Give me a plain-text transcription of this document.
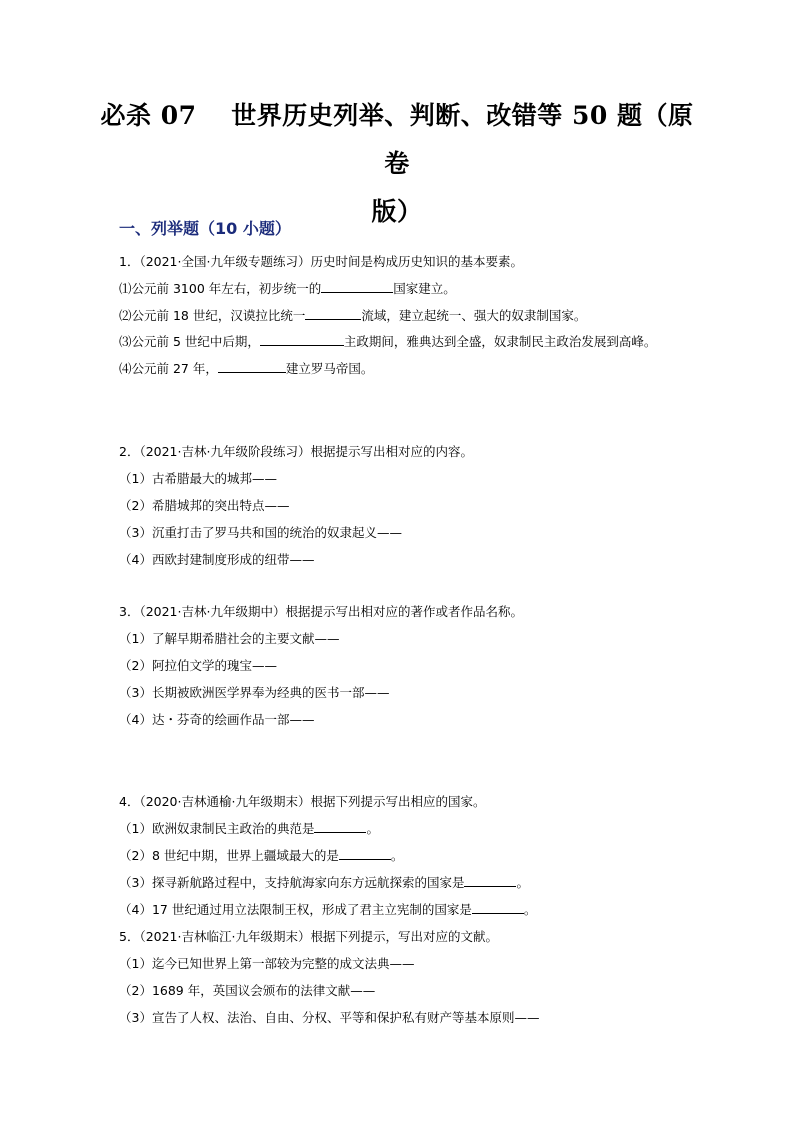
必杀 07　 世界历史列举、判断、改错等 50 题（原卷
版）
一、列举题（10 小题）
1．（2021·全国·九年级专题练习）历史时间是构成历史知识的基本要素。
⑴公元前 3100 年左右，初步统一的	国家建立。
⑵公元前 18 世纪，汉谟拉比统一	流域，建立起统一、强大的奴隶制国家。
⑶公元前 5 世纪中后期，	主政期间，雅典达到全盛，奴隶制民主政治发展到高峰。
⑷公元前 27 年，	建立罗马帝国。
2．（2021·吉林·九年级阶段练习）根据提示写出相对应的内容。
（1）古希腊最大的城邦——
（2）希腊城邦的突出特点——
（3）沉重打击了罗马共和国的统治的奴隶起义——
（4）西欧封建制度形成的纽带——
3．（2021·吉林·九年级期中）根据提示写出相对应的著作或者作品名称。
（1）了解早期希腊社会的主要文献——
（2）阿拉伯文学的瑰宝——
（3）长期被欧洲医学界奉为经典的医书一部——
（4）达・芬奇的绘画作品一部——
4．（2020·吉林通榆·九年级期末）根据下列提示写出相应的国家。
（1）欧洲奴隶制民主政治的典范是	。
（2）8 世纪中期，世界上疆域最大的是	。
（3）探寻新航路过程中，支持航海家向东方远航探索的国家是	。
（4）17 世纪通过用立法限制王权，形成了君主立宪制的国家是	。
5．（2021·吉林临江·九年级期末）根据下列提示，写出对应的文献。
（1）迄今已知世界上第一部较为完整的成文法典——
（2）1689 年，英国议会颁布的法律文献——
（3）宣告了人权、法治、自由、分权、平等和保护私有财产等基本原则——
